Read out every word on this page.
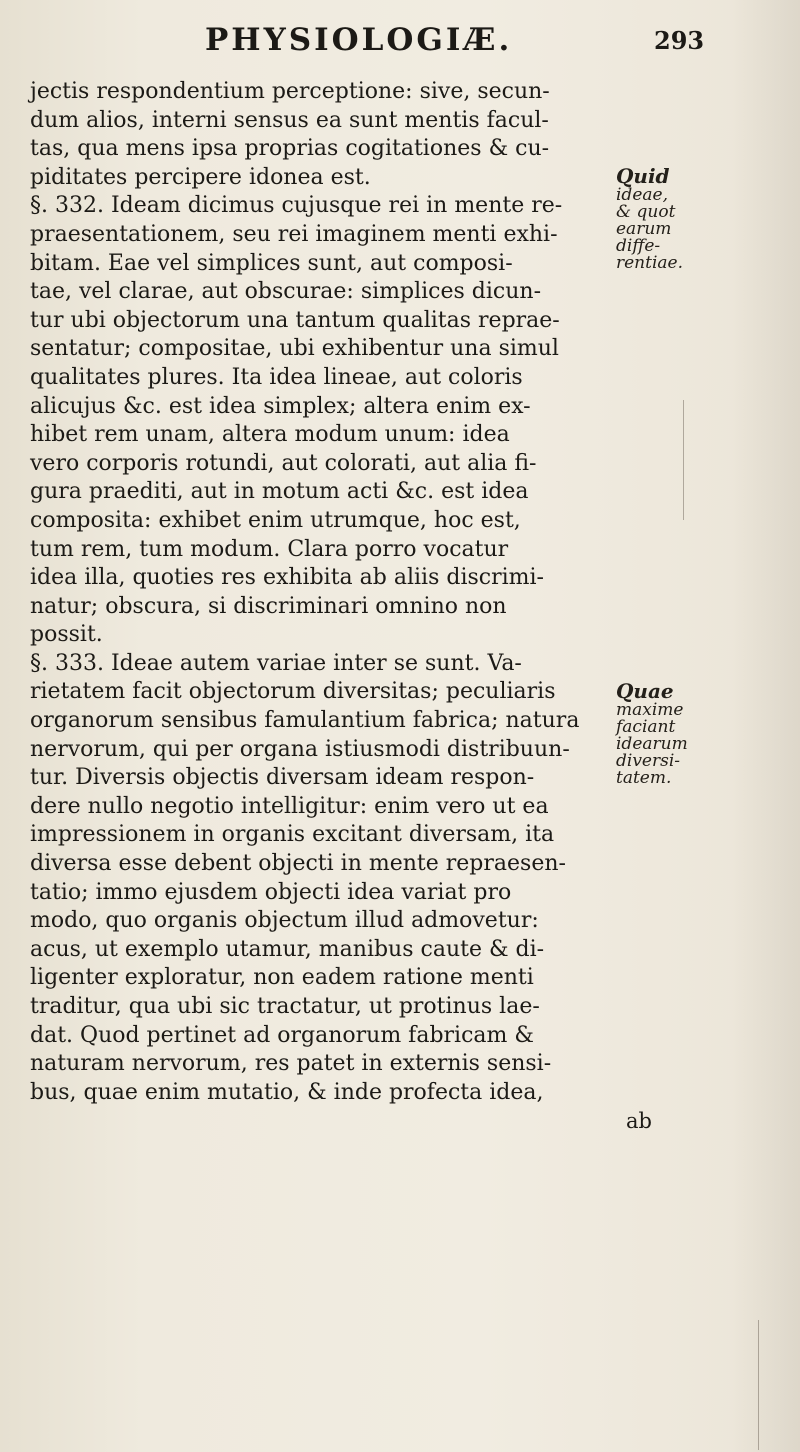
PHYSIOLOGIÆ.	293
jectis respondentium perceptione: sive, secun-
dum alios, interni sensus ea sunt mentis facul-
tas, qua mens ipsa proprias cogitationes & cu-
piditates percipere idonea est.
§. 332. Ideam dicimus cujusque rei in mente re-
praesentationem, seu rei imaginem menti exhi-
bitam. Eae vel simplices sunt, aut composi-
tae, vel clarae, aut obscurae: simplices dicun-
tur ubi objectorum una tantum qualitas reprae-
sentatur; compositae, ubi exhibentur una simul
qualitates plures. Ita idea lineae, aut coloris
alicujus &c. est idea simplex; altera enim ex-
hibet rem unam, altera modum unum: idea
vero corporis rotundi, aut colorati, aut alia fi-
gura praediti, aut in motum acti &c. est idea
composita: exhibet enim utrumque, hoc est,
tum rem, tum modum. Clara porro vocatur
idea illa, quoties res exhibita ab aliis discrimi-
natur; obscura, si discriminari omnino non
possit.
§. 333. Ideae autem variae inter se sunt. Va-
rietatem facit objectorum diversitas; peculiaris
organorum sensibus famulantium fabrica; natura
nervorum, qui per organa istiusmodi distribuun-
tur. Diversis objectis diversam ideam respon-
dere nullo negotio intelligitur: enim vero ut ea
impressionem in organis excitant diversam, ita
diversa esse debent objecti in mente repraesen-
tatio; immo ejusdem objecti idea variat pro
modo, quo organis objectum illud admovetur:
acus, ut exemplo utamur, manibus caute & di-
ligenter exploratur, non eadem ratione menti
traditur, qua ubi sic tractatur, ut protinus lae-
dat. Quod pertinet ad organorum fabricam &
naturam nervorum, res patet in externis sensi-
bus, quae enim mutatio, & inde profecta idea,
ab
Quid
ideae,
& quot
earum
diffe-
rentiae.
Quae
maxime
faciant
idearum
diversi-
tatem.
